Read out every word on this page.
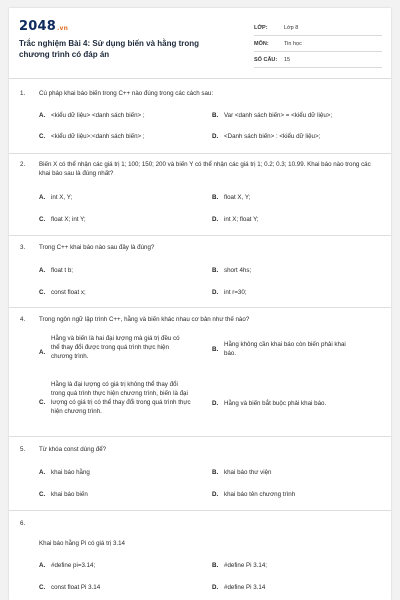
2048.vn
Trắc nghiệm Bài 4: Sử dụng biến và hằng trong chương trình có đáp án
LỚP:	Lớp 8
MÔN:	Tin học
SỐ CÂU:	15
1. Cú pháp khai báo biến trong C++ nào đúng trong các cách sau:
A. <kiểu dữ liệu> <danh sách biến> ;	B. Var <danh sách biến> = <kiểu dữ liệu>;
C. <kiểu dữ liệu>:<danh sách biến> ;	D. <Danh sách biến> : <kiểu dữ liệu>;
2. Biến X có thể nhận các giá trị 1; 100; 150; 200 và biến Y có thể nhận các giá trị 1; 0.2; 0.3; 10.99. Khai báo nào trong các khai báo sau là đúng nhất?
A. int X, Y;	B. float X, Y;
C. float X; int Y;	D. int X; float Y;
3. Trong C++ khai báo nào sau đây là đúng?
A. float t b;	B. short 4hs;
C. const float x;	D. int r=30;
4. Trong ngôn ngữ lập trình C++, hằng và biến khác nhau cơ bản như thế nào?
A.
Hằng và biến là hai đại lượng mà giá trị đều có thể thay đổi được trong quá trình thực hiện chương trình.
B.
Hằng không cần khai báo còn biến phải khai báo.
C.
Hằng là đại lượng có giá trị không thể thay đổi trong quá trình thực hiện chương trình, biến là đại lượng có giá trị có thể thay đổi trong quá trình thực hiện chương trình.
D. Hằng và biến bắt buộc phải khai báo.
5. Từ khóa const dùng để?
A. khai báo hằng	B. khai báo thư viện
C. khai báo biến	D. khai báo tên chương trình
6.
Khai báo hằng Pi có giá trị 3.14
A. #define pi=3.14;	B. #define Pi 3.14;
C. const float Pi 3.14	D. #define Pi 3.14
